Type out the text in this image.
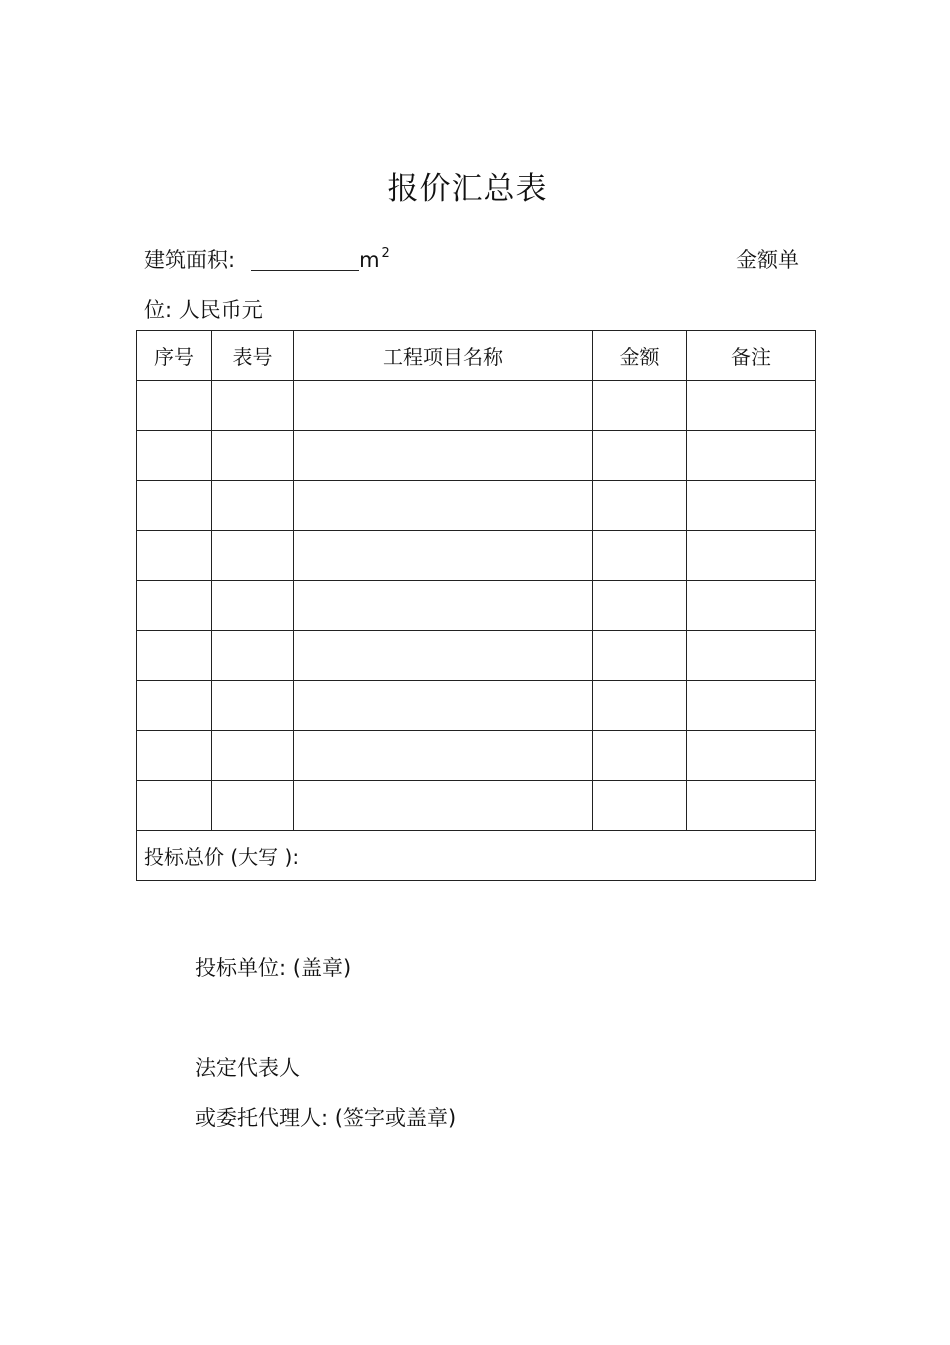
报价汇总表
建筑面积:	m $^2$	金额单
位: 人民币元
序号	表号	工程项目名称	金额	备注

投标总价 (大写 ):				
投标单位: (盖章)
法定代表人
或委托代理人: (签字或盖章)
